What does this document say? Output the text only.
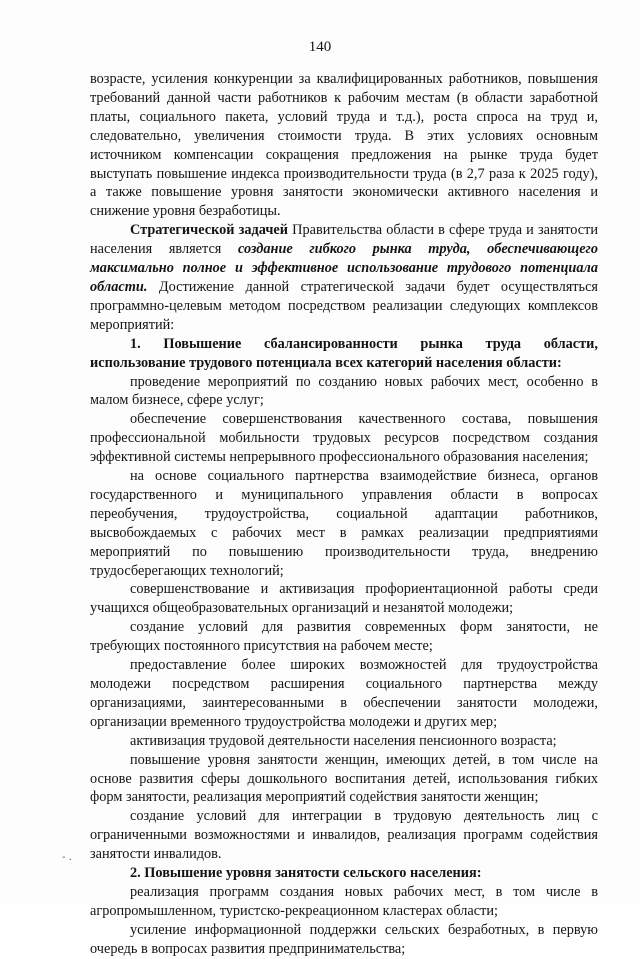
140

возрасте, усиления конкуренции за квалифицированных работников, повышения требований данной части работников к рабочим местам (в области заработной платы, социального пакета, условий труда и т.д.), роста спроса на труд и, следовательно, увеличения стоимости труда. В этих условиях основным источником компенсации сокращения предложения на рынке труда будет выступать повышение индекса производительности труда (в 2,7 раза к 2025 году), а также повышение уровня занятости экономически активного населения и снижение уровня безработицы.

Стратегической задачей Правительства области в сфере труда и занятости населения является создание гибкого рынка труда, обеспечивающего максимально полное и эффективное использование трудового потенциала области. Достижение данной стратегической задачи будет осуществляться программно-целевым методом посредством реализации следующих комплексов мероприятий:

1. Повышение сбалансированности рынка труда области, использование трудового потенциала всех категорий населения области:

проведение мероприятий по созданию новых рабочих мест, особенно в малом бизнесе, сфере услуг;

обеспечение совершенствования качественного состава, повышения профессиональной мобильности трудовых ресурсов посредством создания эффективной системы непрерывного профессионального образования населения;

на основе социального партнерства взаимодействие бизнеса, органов государственного и муниципального управления области в вопросах переобучения, трудоустройства, социальной адаптации работников, высвобождаемых с рабочих мест в рамках реализации предприятиями мероприятий по повышению производительности труда, внедрению трудосберегающих технологий;

совершенствование и активизация профориентационной работы среди учащихся общеобразовательных организаций и незанятой молодежи;

создание условий для развития современных форм занятости, не требующих постоянного присутствия на рабочем месте;

предоставление более широких возможностей для трудоустройства молодежи посредством расширения социального партнерства между организациями, заинтересованными в обеспечении занятости молодежи, организации временного трудоустройства молодежи и других мер;

активизация трудовой деятельности населения пенсионного возраста;

повышение уровня занятости женщин, имеющих детей, в том числе на основе развития сферы дошкольного воспитания детей, использования гибких форм занятости, реализация мероприятий содействия занятости женщин;

создание условий для интеграции в трудовую деятельность лиц с ограниченными возможностями и инвалидов, реализация программ содействия занятости инвалидов.

2. Повышение уровня занятости сельского населения:

реализация программ создания новых рабочих мест, в том числе в агропромышленном, туристско-рекреационном кластерах области;

усиление информационной поддержки сельских безработных, в первую очередь в вопросах развития предпринимательства;

- .
